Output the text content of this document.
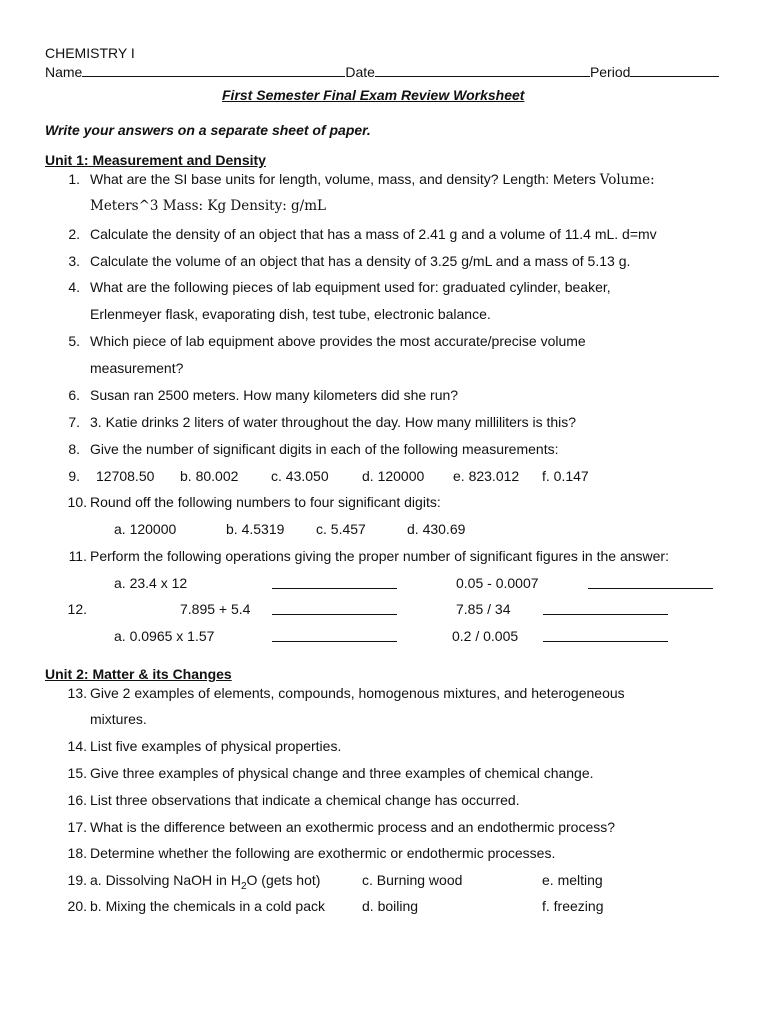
CHEMISTRY I
Name	Date	Period
First Semester Final Exam Review Worksheet
Write your answers on a separate sheet of paper.
Unit 1: Measurement and Density
1. What are the SI base units for length, volume, mass, and density? Length: Meters Volume:
Meters^3 Mass: Kg Density: g/mL
2. Calculate the density of an object that has a mass of 2.41 g and a volume of 11.4 mL. d=mv
3. Calculate the volume of an object that has a density of 3.25 g/mL and a mass of 5.13 g.
4. What are the following pieces of lab equipment used for: graduated cylinder, beaker,
Erlenmeyer flask, evaporating dish, test tube, electronic balance.
5. Which piece of lab equipment above provides the most accurate/precise volume
measurement?
6. Susan ran 2500 meters. How many kilometers did she run?
7. 3. Katie drinks 2 liters of water throughout the day. How many milliliters is this?
8. Give the number of significant digits in each of the following measurements:
9. 12708.50 b. 80.002 c. 43.050 d. 120000 e. 823.012 f. 0.147
10. Round off the following numbers to four significant digits:
a. 120000	b. 4.5319 c. 5.457	d. 430.69
11. Perform the following operations giving the proper number of significant figures in the answer:
a. 23.4 x 12	0.05 - 0.0007
12.	7.895 + 5.4	7.85 / 34
a. 0.0965 x 1.57	0.2 / 0.005
Unit 2: Matter & its Changes
13. Give 2 examples of elements, compounds, homogenous mixtures, and heterogeneous
mixtures.
14. List five examples of physical properties.
15. Give three examples of physical change and three examples of chemical change.
16. List three observations that indicate a chemical change has occurred.
17. What is the difference between an exothermic process and an endothermic process?
18. Determine whether the following are exothermic or endothermic processes.
19. a. Dissolving NaOH in $H_2O$ (gets hot)	c. Burning wood	e. melting
20. b. Mixing the chemicals in a cold pack	d. boiling	f. freezing
